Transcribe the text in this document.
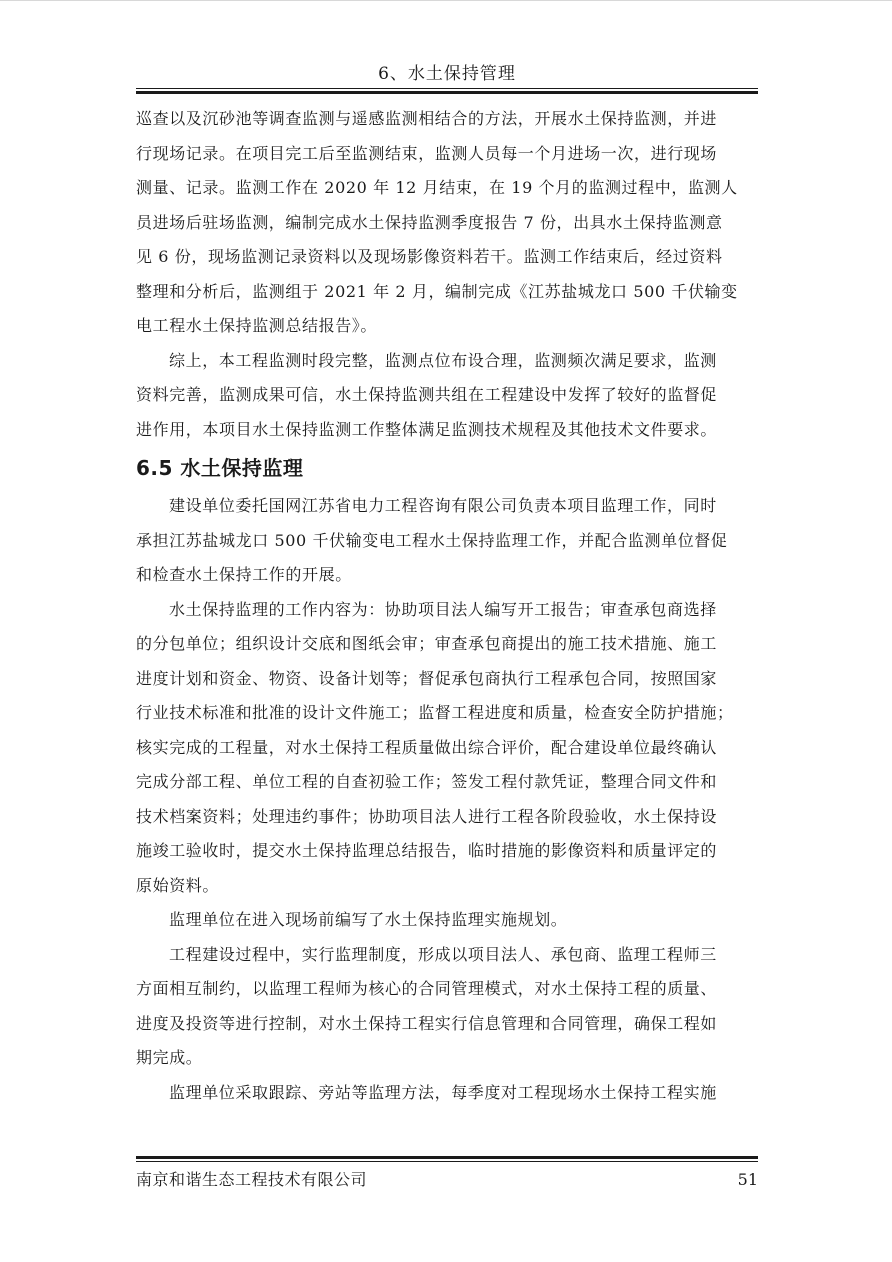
6、水土保持管理

巡查以及沉砂池等调查监测与遥感监测相结合的方法，开展水土保持监测，并进
行现场记录。在项目完工后至监测结束，监测人员每一个月进场一次，进行现场
测量、记录。监测工作在 2020 年 12 月结束，在 19 个月的监测过程中，监测人
员进场后驻场监测，编制完成水土保持监测季度报告 7 份，出具水土保持监测意
见 6 份，现场监测记录资料以及现场影像资料若干。监测工作结束后，经过资料
整理和分析后，监测组于 2021 年 2 月，编制完成《江苏盐城龙口 500 千伏输变
电工程水土保持监测总结报告》。

综上，本工程监测时段完整，监测点位布设合理，监测频次满足要求，监测
资料完善，监测成果可信，水土保持监测共组在工程建设中发挥了较好的监督促
进作用，本项目水土保持监测工作整体满足监测技术规程及其他技术文件要求。

6.5 水土保持监理

建设单位委托国网江苏省电力工程咨询有限公司负责本项目监理工作，同时
承担江苏盐城龙口 500 千伏输变电工程水土保持监理工作，并配合监测单位督促
和检查水土保持工作的开展。

水土保持监理的工作内容为：协助项目法人编写开工报告；审查承包商选择
的分包单位；组织设计交底和图纸会审；审查承包商提出的施工技术措施、施工
进度计划和资金、物资、设备计划等；督促承包商执行工程承包合同，按照国家
行业技术标准和批准的设计文件施工；监督工程进度和质量，检查安全防护措施；
核实完成的工程量，对水土保持工程质量做出综合评价，配合建设单位最终确认
完成分部工程、单位工程的自查初验工作；签发工程付款凭证，整理合同文件和
技术档案资料；处理违约事件；协助项目法人进行工程各阶段验收，水土保持设
施竣工验收时，提交水土保持监理总结报告，临时措施的影像资料和质量评定的
原始资料。

监理单位在进入现场前编写了水土保持监理实施规划。

工程建设过程中，实行监理制度，形成以项目法人、承包商、监理工程师三
方面相互制约，以监理工程师为核心的合同管理模式，对水土保持工程的质量、
进度及投资等进行控制，对水土保持工程实行信息管理和合同管理，确保工程如
期完成。

监理单位采取跟踪、旁站等监理方法，每季度对工程现场水土保持工程实施

南京和谐生态工程技术有限公司	51
